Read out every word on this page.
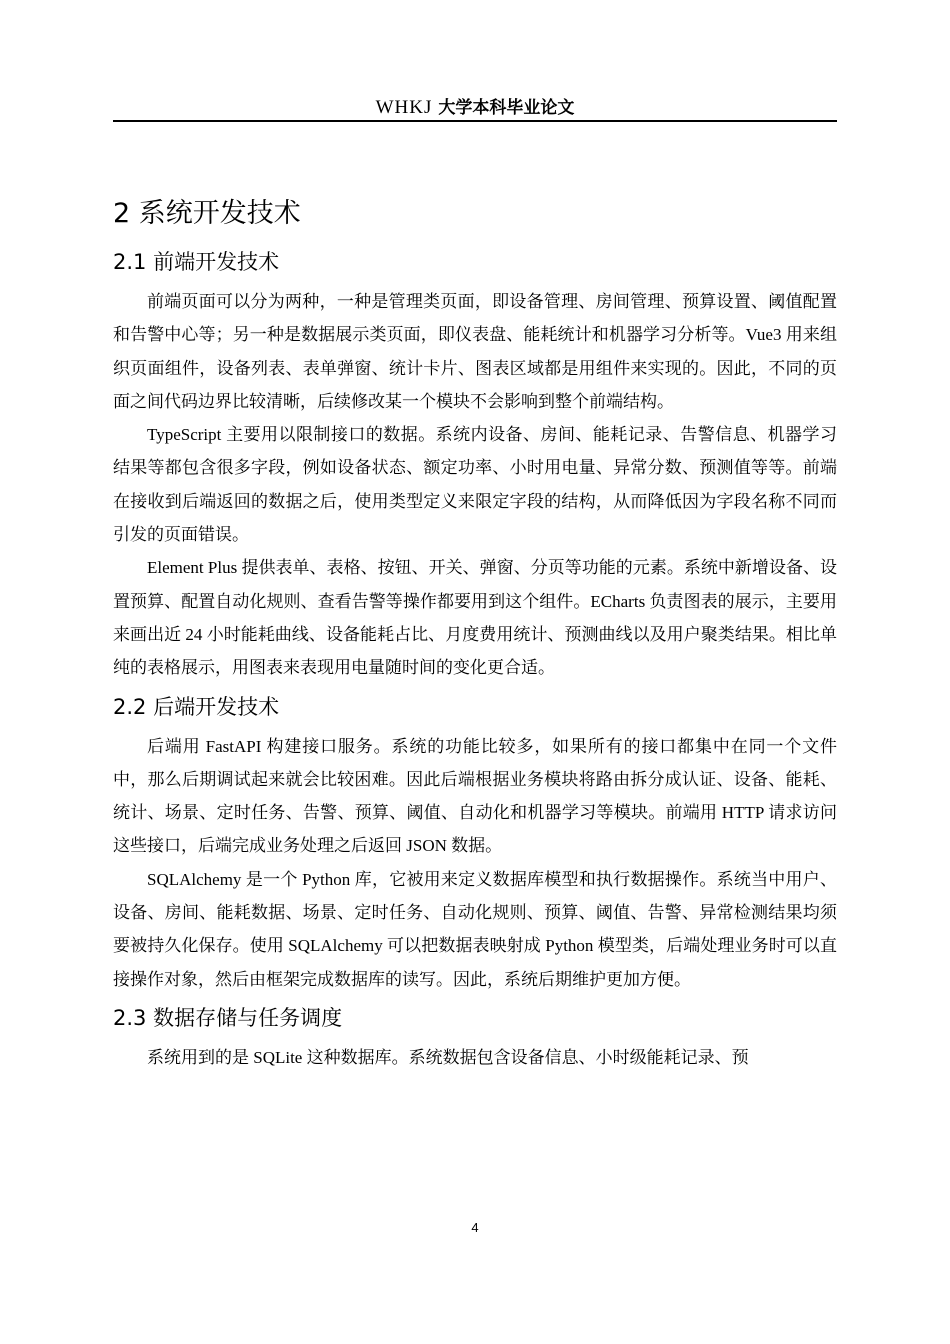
WHKJ 大学本科毕业论文
2 系统开发技术
2.1 前端开发技术

前端页面可以分为两种，一种是管理类页面，即设备管理、房间管理、预算设置、阈值配置和告警中心等；另一种是数据展示类页面，即仪表盘、能耗统计和机器学习分析等。Vue3 用来组织页面组件，设备列表、表单弹窗、统计卡片、图表区域都是用组件来实现的。因此，不同的页面之间代码边界比较清晰，后续修改某一个模块不会影响到整个前端结构。

TypeScript 主要用以限制接口的数据。系统内设备、房间、能耗记录、告警信息、机器学习结果等都包含很多字段，例如设备状态、额定功率、小时用电量、异常分数、预测值等等。前端在接收到后端返回的数据之后，使用类型定义来限定字段的结构，从而降低因为字段名称不同而引发的页面错误。

Element Plus 提供表单、表格、按钮、开关、弹窗、分页等功能的元素。系统中新增设备、设置预算、配置自动化规则、查看告警等操作都要用到这个组件。ECharts 负责图表的展示，主要用来画出近 24 小时能耗曲线、设备能耗占比、月度费用统计、预测曲线以及用户聚类结果。相比单纯的表格展示，用图表来表现用电量随时间的变化更合适。

2.2 后端开发技术

后端用 FastAPI 构建接口服务。系统的功能比较多，如果所有的接口都集中在同一个文件中，那么后期调试起来就会比较困难。因此后端根据业务模块将路由拆分成认证、设备、能耗、统计、场景、定时任务、告警、预算、阈值、自动化和机器学习等模块。前端用 HTTP 请求访问这些接口，后端完成业务处理之后返回 JSON 数据。

SQLAlchemy 是一个 Python 库，它被用来定义数据库模型和执行数据操作。系统当中用户、设备、房间、能耗数据、场景、定时任务、自动化规则、预算、阈值、告警、异常检测结果均须要被持久化保存。使用 SQLAlchemy 可以把数据表映射成 Python 模型类，后端处理业务时可以直接操作对象，然后由框架完成数据库的读写。因此，系统后期维护更加方便。

2.3 数据存储与任务调度

系统用到的是 SQLite 这种数据库。系统数据包含设备信息、小时级能耗记录、预

4
